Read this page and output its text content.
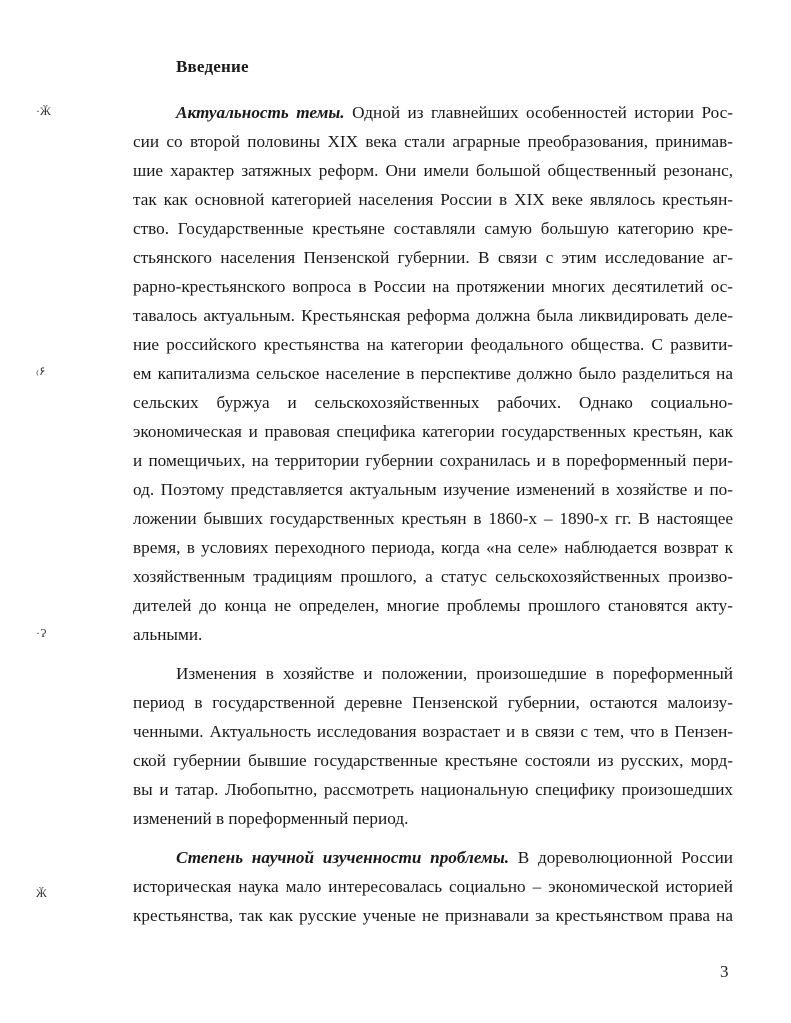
Введение
Актуальность темы. Одной из главнейших особенностей истории Рос-
сии со второй половины XIX века стали аграрные преобразования, принимав-
шие характер затяжных реформ. Они имели большой общественный резонанс,
так как основной категорией населения России в XIX веке являлось крестьян-
ство. Государственные крестьяне составляли самую большую категорию кре-
стьянского населения Пензенской губернии. В связи с этим исследование аг-
рарно-крестьянского вопроса в России на протяжении многих десятилетий ос-
тавалось актуальным. Крестьянская реформа должна была ликвидировать деле-
ние российского крестьянства на категории феодального общества. С развити-
ем капитализма сельское население в перспективе должно было разделиться на
сельских буржуа и сельскохозяйственных рабочих. Однако социально-
экономическая и правовая специфика категории государственных крестьян, как
и помещичьих, на территории губернии сохранилась и в пореформенный пери-
од. Поэтому представляется актуальным изучение изменений в хозяйстве и по-
ложении бывших государственных крестьян в 1860-х – 1890-х гг. В настоящее
время, в условиях переходного периода, когда «на селе» наблюдается возврат к
хозяйственным традициям прошлого, а статус сельскохозяйственных произво-
дителей до конца не определен, многие проблемы прошлого становятся акту-
альными.
Изменения в хозяйстве и положении, произошедшие в пореформенный
период в государственной деревне Пензенской губернии, остаются малоизу-
ченными. Актуальность исследования возрастает и в связи с тем, что в Пензен-
ской губернии бывшие государственные крестьяне состояли из русских, морд-
вы и татар. Любопытно, рассмотреть национальную специфику произошедших
изменений в пореформенный период.
Степень научной изученности проблемы. В дореволюционной России
историческая наука мало интересовалась социально – экономической историей
крестьянства, так как русские ученые не признавали за крестьянством права на
3
·Ӂ
₍۶
·Ɂ
Ӂ
